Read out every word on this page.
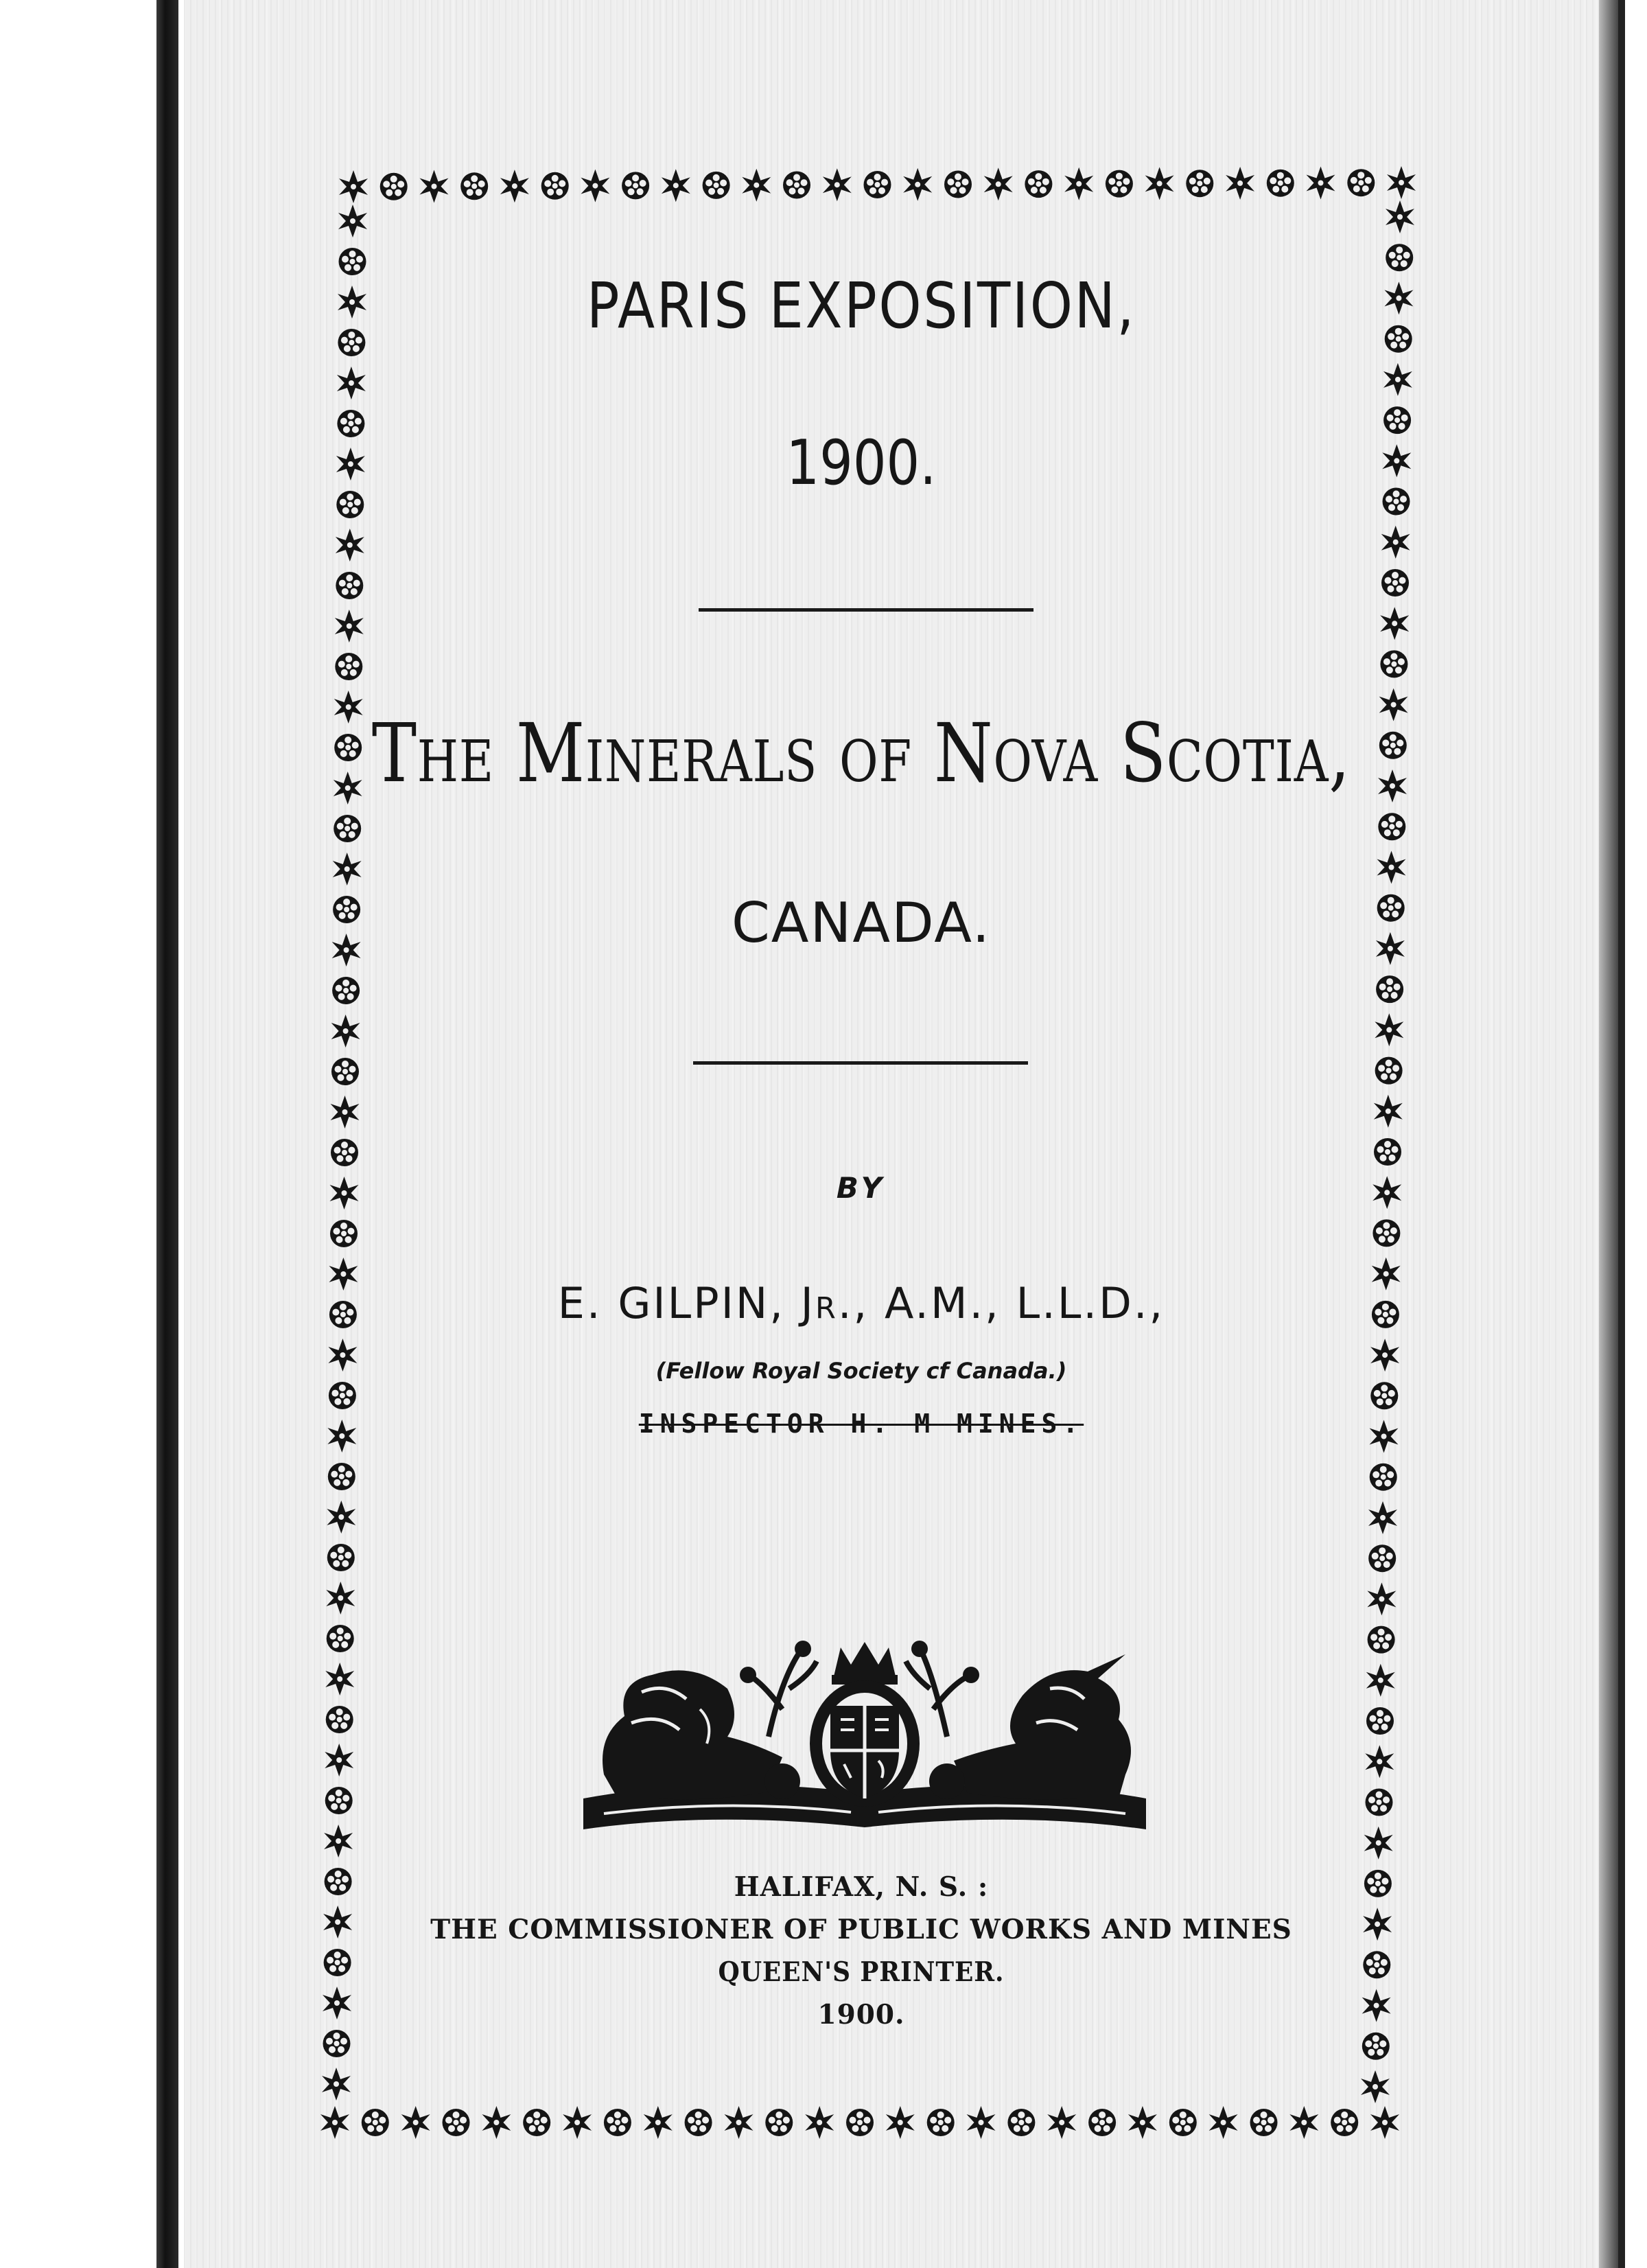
PARIS EXPOSITION,
1900.
The Minerals of Nova Scotia,
CANADA.
BY
E. GILPIN, Jr., A.M., L.L.D.,
(Fellow Royal Society cf Canada.)
INSPECTOR H. M MINES.
HALIFAX, N. S. :
THE COMMISSIONER OF PUBLIC WORKS AND MINES
QUEEN'S PRINTER.
1900.
